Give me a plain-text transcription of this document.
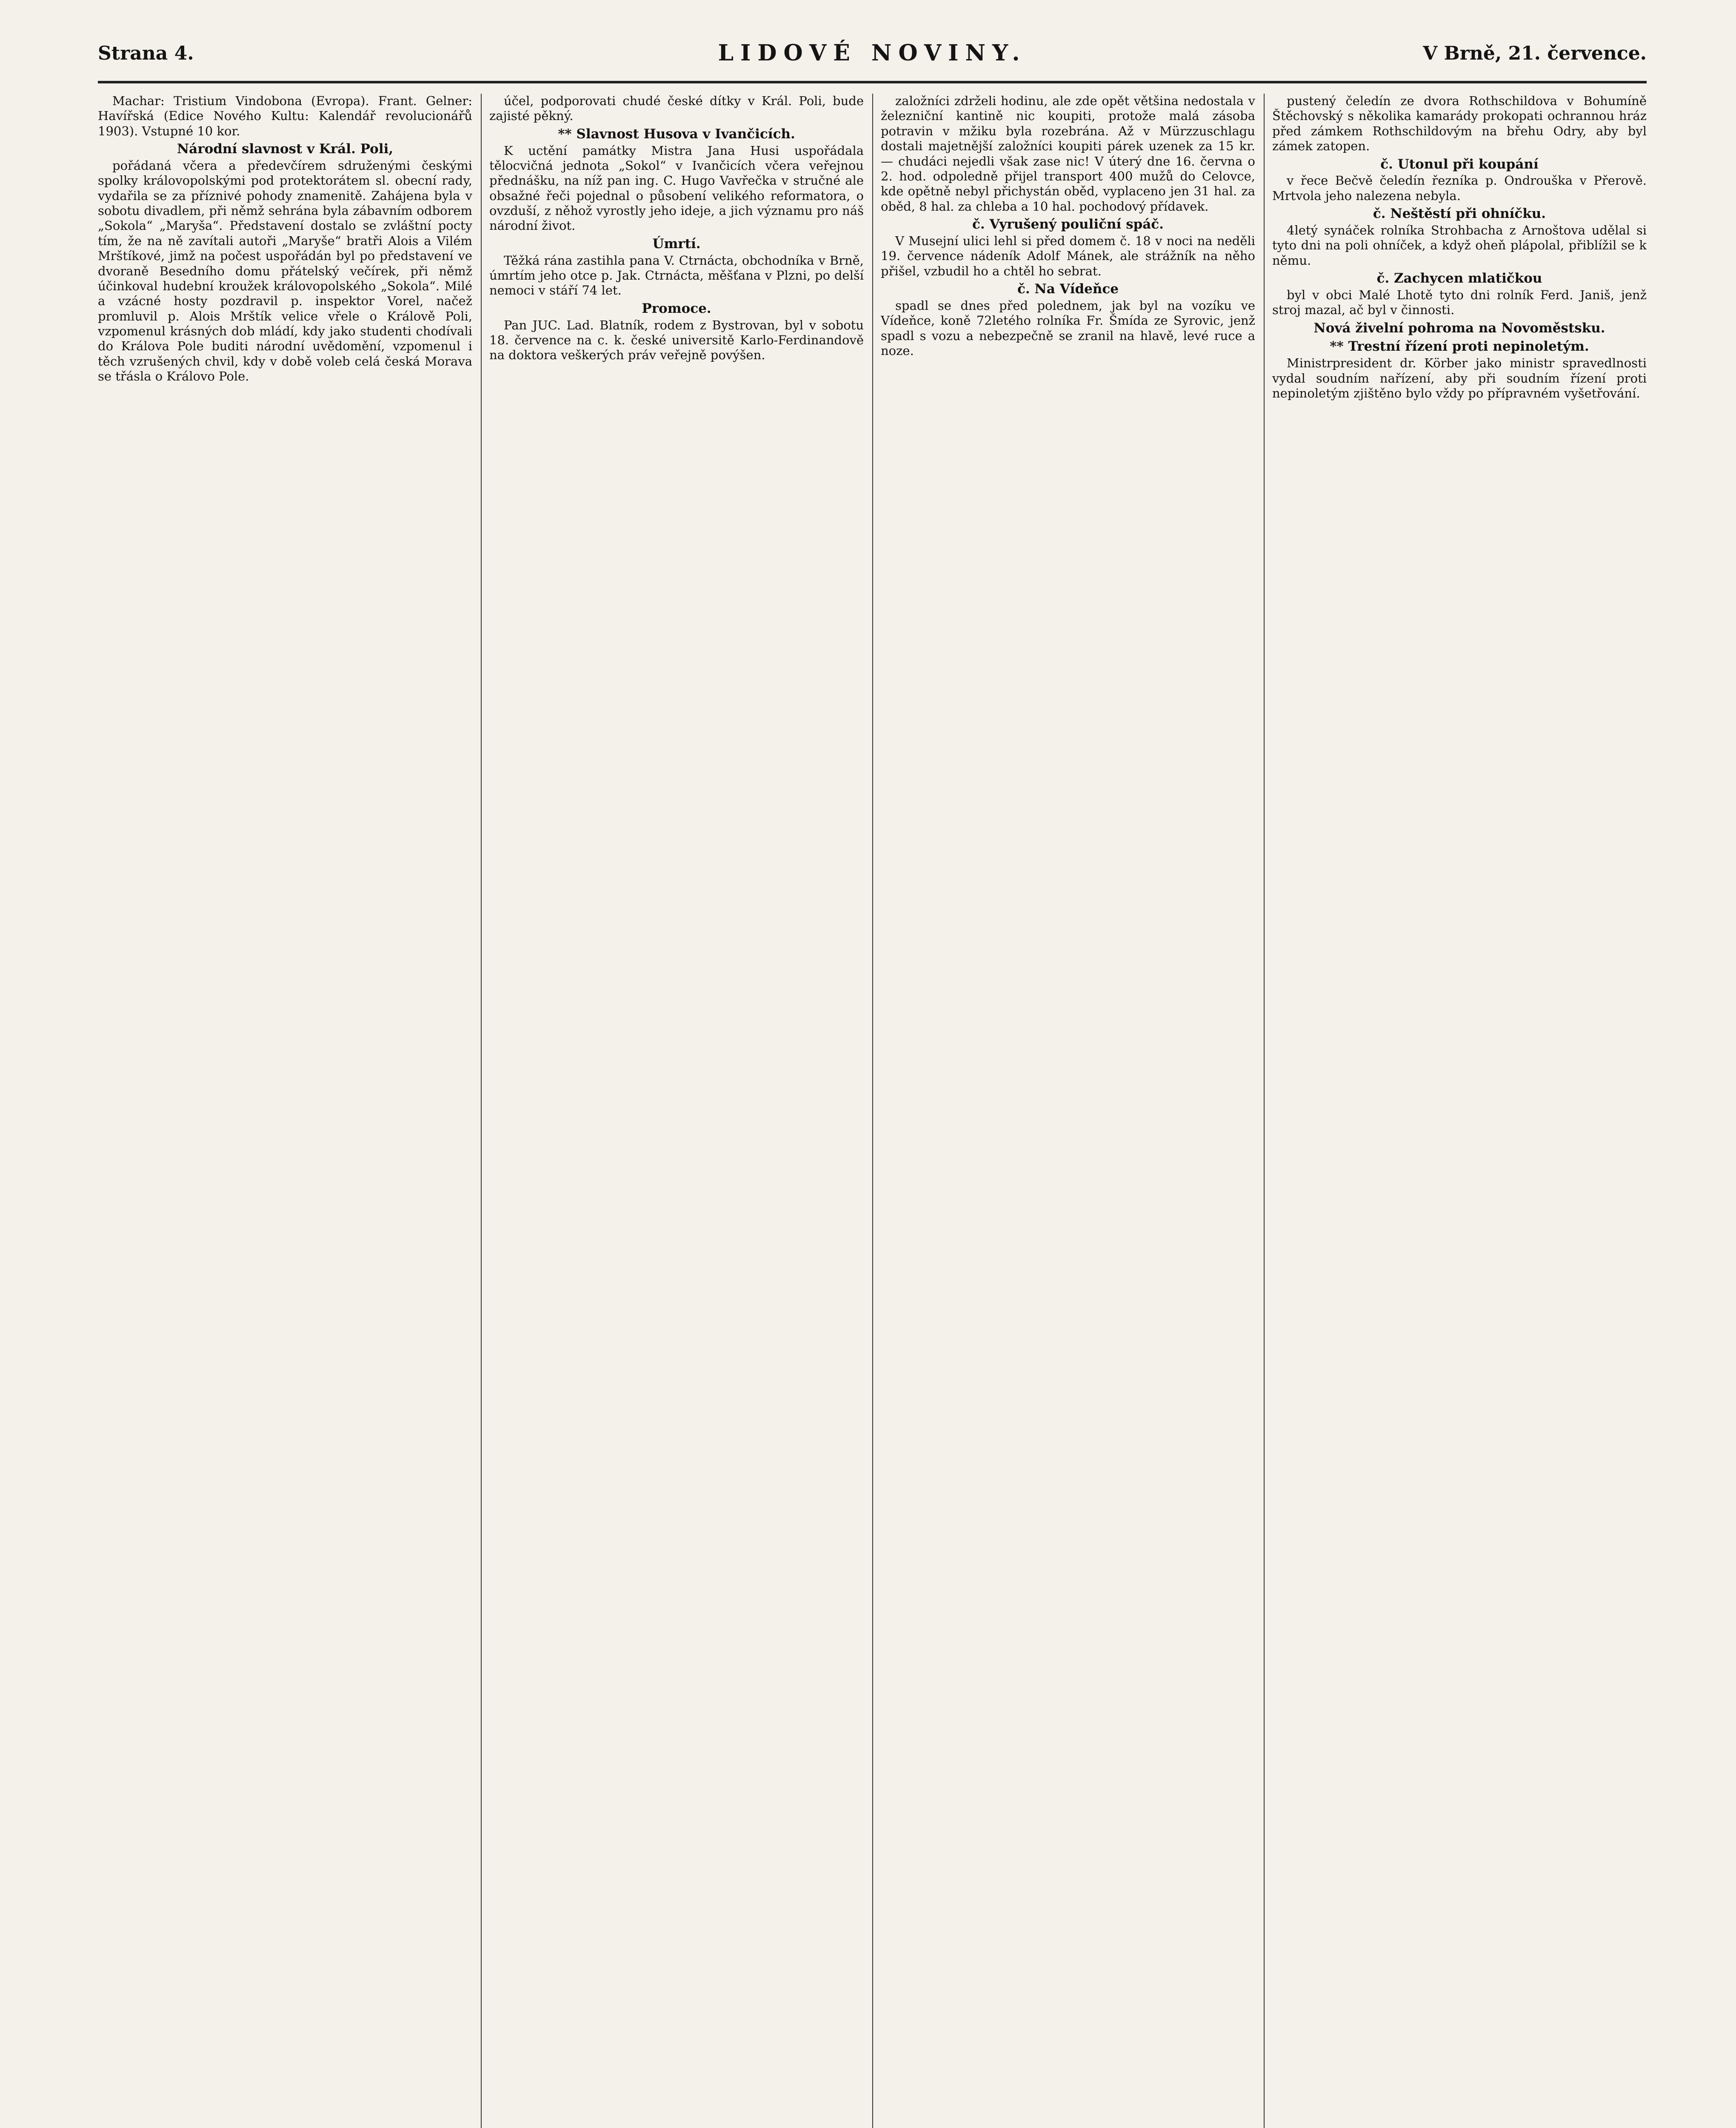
Strana 4.	LIDOVÉ NOVINY.	V Brně, 21. července.

Machar: Tristium Vindobona (Evropa). Frant. Gelner: Havířská (Edice Nového Kultu: Kalendář revolucionářů 1903). Vstupné 10 kor.

Národní slavnost v Král. Poli,

pořádaná včera a předevčírem sdruženými českými spolky královopolskými pod protektorátem sl. obecní rady, vydařila se za příznivé pohody znamenitě. Zahájena byla v sobotu divadlem, při němž sehrána byla zábavním odborem „Sokola“ „Maryša“. Představení dostalo se zvláštní pocty tím, že na ně zavítali autoři „Maryše“ bratři Alois a Vilém Mrštíkové, jimž na počest uspořádán byl po představení ve dvoraně Besedního domu přátelský večírek, při němž účinkoval hudební kroužek královopolského „Sokola“. Milé a vzácné hosty pozdravil p. inspektor Vorel, načež promluvil p. Alois Mrštík velice vřele o Králově Poli, vzpomenul krásných dob mládí, kdy jako studenti chodívali do Králova Pole buditi národní uvědomění, vzpomenul i těch vzrušených chvil, kdy v době voleb celá česká Morava se třásla o Královo Pole.

účel, podporovati chudé české dítky v Král. Poli, bude zajisté pěkný.

** Slavnost Husova v Ivančicích.

K uctění památky Mistra Jana Husi uspořádala tělocvičná jednota „Sokol“ v Ivančicích včera veřejnou přednášku, na níž pan ing. C. Hugo Vavřečka v stručné ale obsažné řeči pojednal o působení velikého reformatora, o ovzduší, z něhož vyrostly jeho ideje, a jich významu pro náš národní život.

Úmrtí.

Těžká rána zastihla pana V. Ctrnácta, obchodníka v Brně, úmrtím jeho otce p. Jak. Ctrnácta, měšťana v Plzni, po delší nemoci v stáří 74 let.

Promoce.

Pan JUC. Lad. Blatník, rodem z Bystrovan, byl v sobotu 18. července na c. k. české universitě Karlo-Ferdinandově na doktora veškerých práv veřejně povýšen.

založníci zdrželi hodinu, ale zde opět většina nedostala v železniční kantině nic koupiti, protože malá zásoba potravin v mžiku byla rozebrána. Až v Mürzzuschlagu dostali majetnější založníci koupiti párek uzenek za 15 kr. — chudáci nejedli však zase nic! V úterý dne 16. června o 2. hod. odpoledně přijel transport 400 mužů do Celovce, kde opětně nebyl přichystán oběd, vyplaceno jen 31 hal. za oběd, 8 hal. za chleba a 10 hal. pochodový přídavek.

č. Vyrušený pouliční spáč.

V Musejní ulici lehl si před domem č. 18 v noci na neděli 19. července nádeník Adolf Mánek, ale strážník na něho přišel, vzbudil ho a chtěl ho sebrat.

č. Na Vídeňce

spadl se dnes před polednem, jak byl na vozíku ve Vídeňce, koně 72letého rolníka Fr. Šmída ze Syrovic, jenž spadl s vozu a nebezpečně se zranil na hlavě, levé ruce a noze.

pustený čeledín ze dvora Rothschildova v Bohumíně Štěchovský s několika kamarády prokopati ochrannou hráz před zámkem Rothschildovým na břehu Odry, aby byl zámek zatopen.

č. Utonul při koupání

v řece Bečvě čeledín řezníka p. Ondrouška v Přerově. Mrtvola jeho nalezena nebyla.

č. Neštěstí při ohníčku.

4letý synáček rolníka Strohbacha z Arnoštova udělal si tyto dni na poli ohníček, a když oheň plápolal, přiblížil se k němu.

č. Zachycen mlatičkou

byl v obci Malé Lhotě tyto dni rolník Ferd. Janiš, jenž stroj mazal, ač byl v činnosti.

Nová živelní pohroma na Novoměstsku.
** Trestní řízení proti nepinoletým.

Ministrpresident dr. Körber jako ministr spravedlnosti vydal soudním nařízení, aby při soudním řízení proti nepinoletým zjištěno bylo vždy po přípravném vyšetřování.
